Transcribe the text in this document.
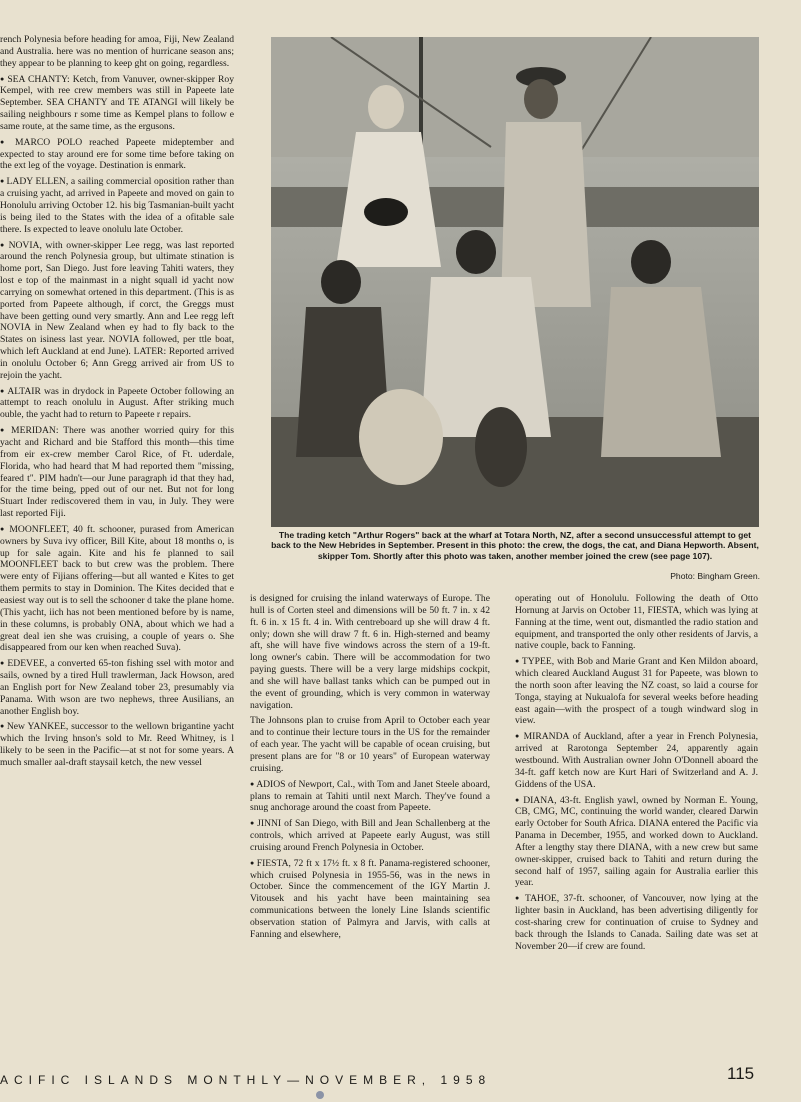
rench Polynesia before heading for amoa, Fiji, New Zealand and Australia. here was no mention of hurricane season ans; they appear to be planning to keep ght on going, regardless.

● SEA CHANTY: Ketch, from Vanuver, owner-skipper Roy Kempel, with ree crew members was still in Papeete late September. SEA CHANTY and TE ATANGI will likely be sailing neighbours r some time as Kempel plans to follow e same route, at the same time, as the ergusons.

● MARCO POLO reached Papeete mideptember and expected to stay around ere for some time before taking on the ext leg of the voyage. Destination is enmark.

● LADY ELLEN, a sailing commercial oposition rather than a cruising yacht, ad arrived in Papeete and moved on gain to Honolulu arriving October 12. his big Tasmanian-built yacht is being iled to the States with the idea of a ofitable sale there. Is expected to leave onolulu late October.

● NOVIA, with owner-skipper Lee regg, was last reported around the rench Polynesia group, but ultimate stination is home port, San Diego. Just fore leaving Tahiti waters, they lost e top of the mainmast in a night squall id yacht now carrying on somewhat ortened in this department. (This is as ported from Papeete although, if corct, the Greggs must have been getting ound very smartly. Ann and Lee regg left NOVIA in New Zealand when ey had to fly back to the States on isiness last year. NOVIA followed, per ttle boat, which left Auckland at end June). LATER: Reported arrived in onolulu October 6; Ann Gregg arrived air from US to rejoin the yacht.

● ALTAIR was in drydock in Papeete October following an attempt to reach onolulu in August. After striking much ouble, the yacht had to return to Papeete r repairs.

● MERIDAN: There was another worried quiry for this yacht and Richard and bie Stafford this month—this time from eir ex-crew member Carol Rice, of Ft. uderdale, Florida, who had heard that M had reported them "missing, feared t". PIM hadn't—our June paragraph id that they had, for the time being, pped out of our net. But not for long Stuart Inder rediscovered them in vau, in July. They were last reported Fiji.

● MOONFLEET, 40 ft. schooner, purased from American owners by Suva ivy officer, Bill Kite, about 18 months o, is up for sale again. Kite and his fe planned to sail MOONFLEET back to but crew was the problem. There were enty of Fijians offering—but all wanted e Kites to get them permits to stay in Dominion. The Kites decided that e easiest way out is to sell the schooner d take the plane home. (This yacht, iich has not been mentioned before by is name, in these columns, is probably ONA, about which we had a great deal ien she was cruising, a couple of years o. She disappeared from our ken when reached Suva).

● EDEVEE, a converted 65-ton fishing ssel with motor and sails, owned by a tired Hull trawlerman, Jack Howson, ared an English port for New Zealand tober 23, presumably via Panama. With wson are two nephews, three Ausilians, an another English boy.

● New YANKEE, successor to the wellown brigantine yacht which the Irving hnson's sold to Mr. Reed Whitney, is l likely to be seen in the Pacific—at st not for some years. A much smaller aal-draft staysail ketch, the new vessel

The trading ketch "Arthur Rogers" back at the wharf at Totara North, NZ, after a second unsuccessful attempt to get back to the New Hebrides in September. Present in this photo: the crew, the dogs, the cat, and Diana Hepworth. Absent, skipper Tom. Shortly after this photo was taken, another member joined the crew (see page 107).
Photo: Bingham Green.

is designed for cruising the inland waterways of Europe. The hull is of Corten steel and dimensions will be 50 ft. 7 in. x 42 ft. 6 in. x 15 ft. 4 in. With centreboard up she will draw 4 ft. only; down she will draw 7 ft. 6 in. High-sterned and beamy aft, she will have five windows across the stern of a 19-ft. long owner's cabin. There will be accommodation for two paying guests. There will be a very large midships cockpit, and she will have ballast tanks which can be pumped out in the event of grounding, which is very common in waterway navigation.

The Johnsons plan to cruise from April to October each year and to continue their lecture tours in the US for the remainder of each year. The yacht will be capable of ocean cruising, but present plans are for "8 or 10 years" of European waterway cruising.

● ADIOS of Newport, Cal., with Tom and Janet Steele aboard, plans to remain at Tahiti until next March. They've found a snug anchorage around the coast from Papeete.

● JINNI of San Diego, with Bill and Jean Schallenberg at the controls, which arrived at Papeete early August, was still cruising around French Polynesia in October.

● FIESTA, 72 ft x 17½ ft. x 8 ft. Panama-registered schooner, which cruised Polynesia in 1955-56, was in the news in October. Since the commencement of the IGY Martin J. Vitousek and his yacht have been maintaining sea communications between the lonely Line Islands scientific observation station of Palmyra and Jarvis, with calls at Fanning and elsewhere,

operating out of Honolulu. Following the death of Otto Hornung at Jarvis on October 11, FIESTA, which was lying at Fanning at the time, went out, dismantled the radio station and equipment, and transported the only other residents of Jarvis, a native couple, back to Fanning.

● TYPEE, with Bob and Marie Grant and Ken Mildon aboard, which cleared Auckland August 31 for Papeete, was blown to the north soon after leaving the NZ coast, so laid a course for Tonga, staying at Nukualofa for several weeks before heading east again—with the prospect of a tough windward slog in view.

● MIRANDA of Auckland, after a year in French Polynesia, arrived at Rarotonga September 24, apparently again westbound. With Australian owner John O'Donnell aboard the 34-ft. gaff ketch now are Kurt Hari of Switzerland and A. J. Giddens of the USA.

● DIANA, 43-ft. English yawl, owned by Norman E. Young, CB, CMG, MC, continuing the world wander, cleared Darwin early October for South Africa. DIANA entered the Pacific via Panama in December, 1955, and worked down to Auckland. After a lengthy stay there DIANA, with a new crew but same owner-skipper, cruised back to Tahiti and return during the second half of 1957, sailing again for Australia earlier this year.

● TAHOE, 37-ft. schooner, of Vancouver, now lying at the lighter basin in Auckland, has been advertising diligently for cost-sharing crew for continuation of cruise to Sydney and back through the Islands to Canada. Sailing date was set at November 20—if crew are found.

ACIFIC ISLANDS MONTHLY—NOVEMBER, 1958	115
